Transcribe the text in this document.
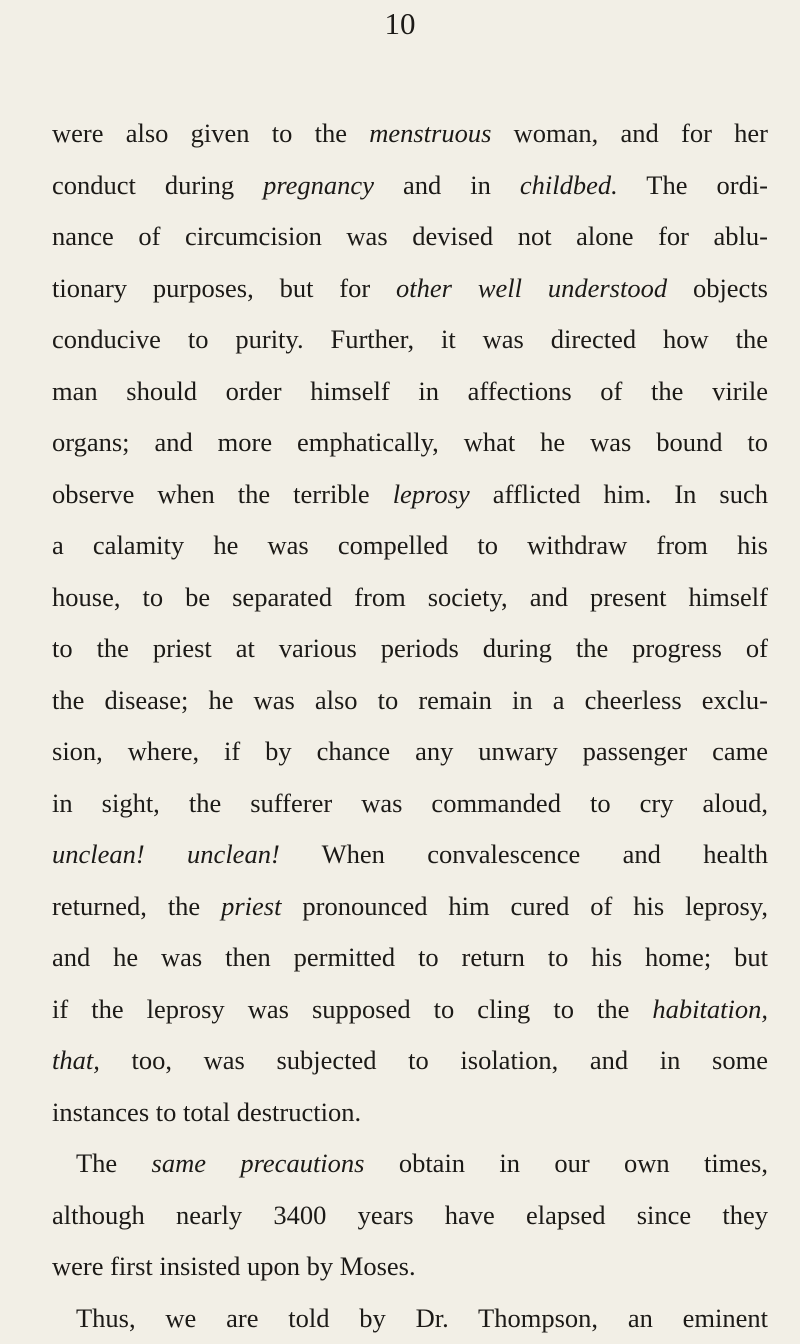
10
were also given to the menstruous woman, and for her
conduct during pregnancy and in childbed. The ordi-
nance of circumcision was devised not alone for ablu-
tionary purposes, but for other well understood objects
conducive to purity. Further, it was directed how the
man should order himself in affections of the virile
organs; and more emphatically, what he was bound to
observe when the terrible leprosy afflicted him. In such
a calamity he was compelled to withdraw from his
house, to be separated from society, and present himself
to the priest at various periods during the progress of
the disease; he was also to remain in a cheerless exclu-
sion, where, if by chance any unwary passenger came
in sight, the sufferer was commanded to cry aloud,
unclean! unclean! When convalescence and health
returned, the priest pronounced him cured of his leprosy,
and he was then permitted to return to his home; but
if the leprosy was supposed to cling to the habitation,
that, too, was subjected to isolation, and in some
instances to total destruction.
The same precautions obtain in our own times,
although nearly 3400 years have elapsed since they
were first insisted upon by Moses.
Thus, we are told by Dr. Thompson, an eminent
